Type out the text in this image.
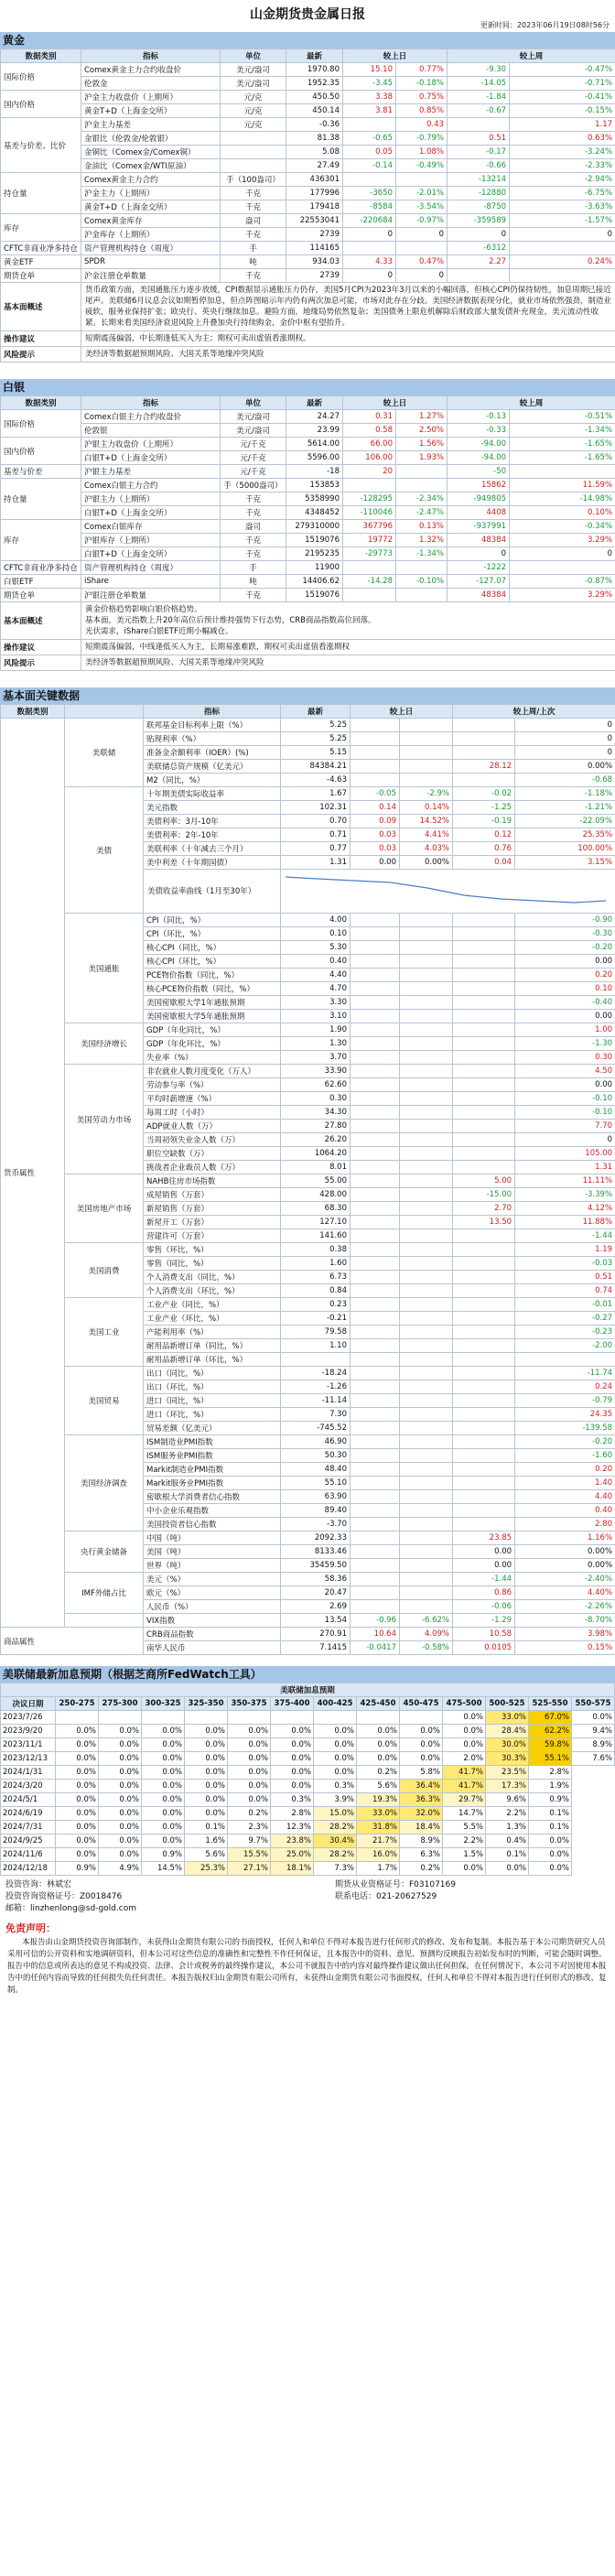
山金期货贵金属日报
更新时间：2023年06月19日08时56分
黄金
数据类别	指标	单位	最新	较上日		较上周	
国际价格	Comex黄金主力合约收盘价	美元/盎司	1970.80	15.10	0.77%	-9.30	-0.47%
	伦敦金	美元/盎司	1952.35	-3.45	-0.18%	-14.05	-0.71%
国内价格	沪金主力收盘价（上期所）	元/克	450.50	3.38	0.75%	-1.84	-0.41%
	黄金T+D（上海金交所）	元/克	450.14	3.81	0.85%	-0.67	-0.15%
基差与价差、比价	沪金主力基差	元/克	-0.36		0.43		1.17
	金银比（伦敦金/伦敦银）		81.38	-0.65	-0.79%	0.51	0.63%
	金铜比（Comex金/Comex铜）		5.08	0.05	1.08%	-0.17	-3.24%
	金油比（Comex金/WTI原油）		27.49	-0.14	-0.49%	-0.66	-2.33%
持仓量	Comex黄金主力合约	手（100盎司）	436301			-13214	-2.94%
	沪金主力（上期所）	千克	177996	-3650	-2.01%	-12880	-6.75%
	黄金T+D（上海金交所）	千克	179418	-8584	-3.54%	-8750	-3.63%
库存	Comex黄金库存	盎司	22553041	-220684	-0.97%	-359589	-1.57%
	沪金库存（上期所）	千克	2739	0	0	0	0
CFTC非商业净多持仓	资产管理机构持仓（周度）	手	114165			-6312	
黄金ETF	SPDR	吨	934.03	4.33	0.47%	2.27	0.24%
期货仓单	沪金注册仓单数量	千克	2739	0	0		
基本面概述	货币政策方面，美国通胀压力逐步放缓，CPI数据显示通胀压力仍存，美国5月CPI为2023年3月以来的小幅回落，但核心CPI仍保持韧性，加息周期已接近尾声。美联储6月议息会议如期暂停加息，但点阵图暗示年内仍有两次加息可能，市场对此存在分歧。美国经济数据表现分化，就业市场依然强劲，制造业疲软，服务业保持扩张；欧央行、英央行继续加息。避险方面，地缘局势依然复杂；美国债务上限危机解除后财政部大量发债补充现金，美元流动性收紧。长期来看美国经济衰退风险上升叠加央行持续购金，金价中枢有望抬升。						
操作建议	短期震荡偏弱，中长期逢低买入为主；期权可卖出虚值看涨期权。						
风险提示	美经济等数据超预期风险、大国关系等地缘冲突风险						
白银
数据类别	指标	单位	最新	较上日		较上周	
国际价格	Comex白银主力合约收盘价	美元/盎司	24.27	0.31	1.27%	-0.13	-0.51%
	伦敦银	美元/盎司	23.99	0.58	2.50%	-0.33	-1.34%
国内价格	沪银主力收盘价（上期所）	元/千克	5614.00	66.00	1.56%	-94.00	-1.65%
	白银T+D（上海金交所）	元/千克	5596.00	106.00	1.93%	-94.00	-1.65%
基差与价差	沪银主力基差	元/千克	-18	20		-50	
持仓量	Comex白银主力合约	手（5000盎司）	153853			15862	11.59%
	沪银主力（上期所）	千克	5358990	-128295	-2.34%	-949805	-14.98%
	白银T+D（上海金交所）	千克	4348452	-110046	-2.47%	4408	0.10%
库存	Comex白银库存	盎司	279310000	367796	0.13%	-937991	-0.34%
	沪银库存（上期所）	千克	1519076	19772	1.32%	48384	3.29%
	白银T+D（上海金交所）	千克	2195235	-29773	-1.34%	0	0
CFTC非商业净多持仓	资产管理机构持仓（周度）	手	11900			-1222	
白银ETF	iShare	吨	14406.62	-14.28	-0.10%	-127.07	-0.87%
期货仓单	沪银注册仓单数量	千克	1519076			48384	3.29%
基本面概述	黄金价格趋势影响白银价格趋势。
基本面，美元指数上升20年高位后预计维持强势下行态势，CRB商品指数高位回落。
光伏需求，iShare白银ETF近期小幅减仓。						
操作建议	短期震荡偏弱，中线逢低买入为主，长期易涨难跌，期权可卖出虚值看涨期权						
风险提示	美经济等数据超预期风险、大国关系等地缘冲突风险						
基本面关键数据
数据类别		指标	最新	较上日		较上周/上次	
货币属性	美联储	联邦基金目标利率上限（%）	5.25				0
		贴现利率（%）	5.25				0
		准备金余额利率（IOER）(%)	5.15				0
		美联储总资产规模（亿美元）	84384.21			28.12	0.00%
		M2（同比，%）	-4.63				-0.68
	美债	十年期美债实际收益率	1.67	-0.05	-2.9%	-0.02	-1.18%
		美元指数	102.31	0.14	0.14%	-1.25	-1.21%
		美债利率：3月-10年	0.70	0.09	14.52%	-0.19	-22.09%
		美债利率：2年-10年	0.71	0.03	4.41%	0.12	25.35%
		美联利率（十年减去三个月）	0.77	0.03	4.03%	0.76	100.00%
		美中利差（十年期国债）	1.31	0.00	0.00%	0.04	3.15%
		美债收益率曲线（1月至30年）	
	美国通胀	CPI（同比，%）	4.00				-0.90
		CPI（环比，%）	0.10				-0.30
		核心CPI（同比，%）	5.30				-0.20
		核心CPI（环比，%）	0.40				0.00
		PCE物价指数（同比，%）	4.40				0.20
		核心PCE物价指数（同比，%）	4.70				0.10
		美国密歇根大学1年通胀预期	3.30				-0.40
		美国密歇根大学5年通胀预期	3.10				0.00
	美国经济增长	GDP（年化同比，%）	1.90				1.00
		GDP（年化环比，%）	1.30				-1.30
		失业率（%）	3.70				0.30
	美国劳动力市场	非农就业人数月度变化（万人）	33.90				4.50
		劳动参与率（%）	62.60				0.00
		平均时薪增速（%）	0.30				-0.10
		每周工时（小时）	34.30				-0.10
		ADP就业人数（万）	27.80				7.70
		当周初领失业金人数（万）	26.20				0
		职位空缺数（万）	1064.20				105.00
		挑战者企业裁员人数（万）	8.01				1.31
	美国房地产市场	NAHB住房市场指数	55.00			5.00	11.11%
		成屋销售（万套）	428.00			-15.00	-3.39%
		新屋销售（万套）	68.30			2.70	4.12%
		新屋开工（万套）	127.10			13.50	11.88%
		营建许可（万套）	141.60				-1.44
	美国消费	零售（环比，%）	0.38				1.19
		零售（同比，%）	1.60				-0.03
		个人消费支出（同比，%）	6.73				0.51
		个人消费支出（环比，%）	0.84				0.74
	美国工业	工业产业（同比，%）	0.23				-0.01
		工业产业（环比，%）	-0.21				-0.27
		产能利用率（%）	79.58				-0.23
		耐用品新增订单（同比，%）	1.10				-2.00
		耐用品新增订单（环比，%）					
	美国贸易	出口（同比，%）	-18.24				-11.74
		出口（环比，%）	-1.26				0.24
		进口（同比，%）	-11.14				-0.79
		进口（环比，%）	7.30				24.35
		贸易差额（亿美元）	-745.52				-139.58
	美国经济调查	ISM制造业PMI指数	46.90				-0.20
		ISM服务业PMI指数	50.30				-1.60
		Markit制造业PMI指数	48.40				0.20
		Markit服务业PMI指数	55.10				1.40
		密歇根大学消费者信心指数	63.90				4.40
		中小企业乐观指数	89.40				0.40
		美国投资者信心指数	-3.70				2.80
	央行黄金储备	中国（吨）	2092.33			23.85	1.16%
		美国（吨）	8133.46			0.00	0.00%
		世界（吨）	35459.50			0.00	0.00%
	IMF外储占比	美元（%）	58.36			-1.44	-2.40%
		欧元（%）	20.47			0.86	4.40%
		人民币（%）	2.69			-0.06	-2.26%
		VIX指数	13.54	-0.96	-6.62%	-1.29	-8.70%
商品属性		CRB商品指数	270.91	10.64	4.09%	10.58	3.98%
		南华人民币	7.1415	-0.0417	-0.58%	0.0105	0.15%
美联储最新加息预期（根据芝商所FedWatch工具）
美联储加息预期													
决议日期	250-275	275-300	300-325	325-350	350-375	375-400	400-425	425-450	450-475	475-500	500-525	525-550	550-575
2023/7/26										0.0%	33.0%	67.0%	0.0%
2023/9/20	0.0%	0.0%	0.0%	0.0%	0.0%	0.0%	0.0%	0.0%	0.0%	0.0%	28.4%	62.2%	9.4%
2023/11/1	0.0%	0.0%	0.0%	0.0%	0.0%	0.0%	0.0%	0.0%	0.0%	0.0%	30.0%	59.8%	8.9%
2023/12/13	0.0%	0.0%	0.0%	0.0%	0.0%	0.0%	0.0%	0.0%	0.0%	2.0%	30.3%	55.1%	7.6%
2024/1/31	0.0%	0.0%	0.0%	0.0%	0.0%	0.0%	0.0%	0.2%	5.8%	41.7%	23.5%	2.8%	
2024/3/20	0.0%	0.0%	0.0%	0.0%	0.0%	0.0%	0.3%	5.6%	36.4%	41.7%	17.3%	1.9%	
2024/5/1	0.0%	0.0%	0.0%	0.0%	0.0%	0.3%	3.9%	19.3%	36.3%	29.7%	9.6%	0.9%	
2024/6/19	0.0%	0.0%	0.0%	0.0%	0.2%	2.8%	15.0%	33.0%	32.0%	14.7%	2.2%	0.1%	
2024/7/31	0.0%	0.0%	0.0%	0.1%	2.3%	12.3%	28.2%	31.8%	18.4%	5.5%	1.3%	0.1%	
2024/9/25	0.0%	0.0%	0.0%	1.6%	9.7%	23.8%	30.4%	21.7%	8.9%	2.2%	0.4%	0.0%	
2024/11/6	0.0%	0.0%	0.9%	5.6%	15.5%	25.0%	28.2%	16.0%	6.3%	1.5%	0.1%	0.0%	
2024/12/18	0.9%	4.9%	14.5%	25.3%	27.1%	18.1%	7.3%	1.7%	0.2%	0.0%	0.0%	0.0%	
投资咨询：林斌宏	期货从业资格证号：F03107169
投资咨询资格证号：Z0018476	联系电话：021-20627529
邮箱：linzhenlong@sd-gold.com
免责声明：
本报告由山金期货投资咨询部制作，未获得山金期货有限公司的书面授权，任何人和单位不得对本报告进行任何形式的修改、发布和复制。本报告基于本公司期货研究人员采用可信的公开资料和实地调研资料，但本公司对这些信息的准确性和完整性不作任何保证，且本报告中的资料、意见、预测均反映报告初始发布时的判断，可能会随时调整。报告中的信息或所表达的意见不构成投资、法律、会计或税务的最终操作建议，本公司不就报告中的内容对最终操作建议做出任何担保。在任何情况下，本公司不对因使用本报告中的任何内容而导致的任何损失负任何责任。本报告版权归山金期货有限公司所有，未获得山金期货有限公司书面授权，任何人和单位不得对本报告进行任何形式的修改、复制。
